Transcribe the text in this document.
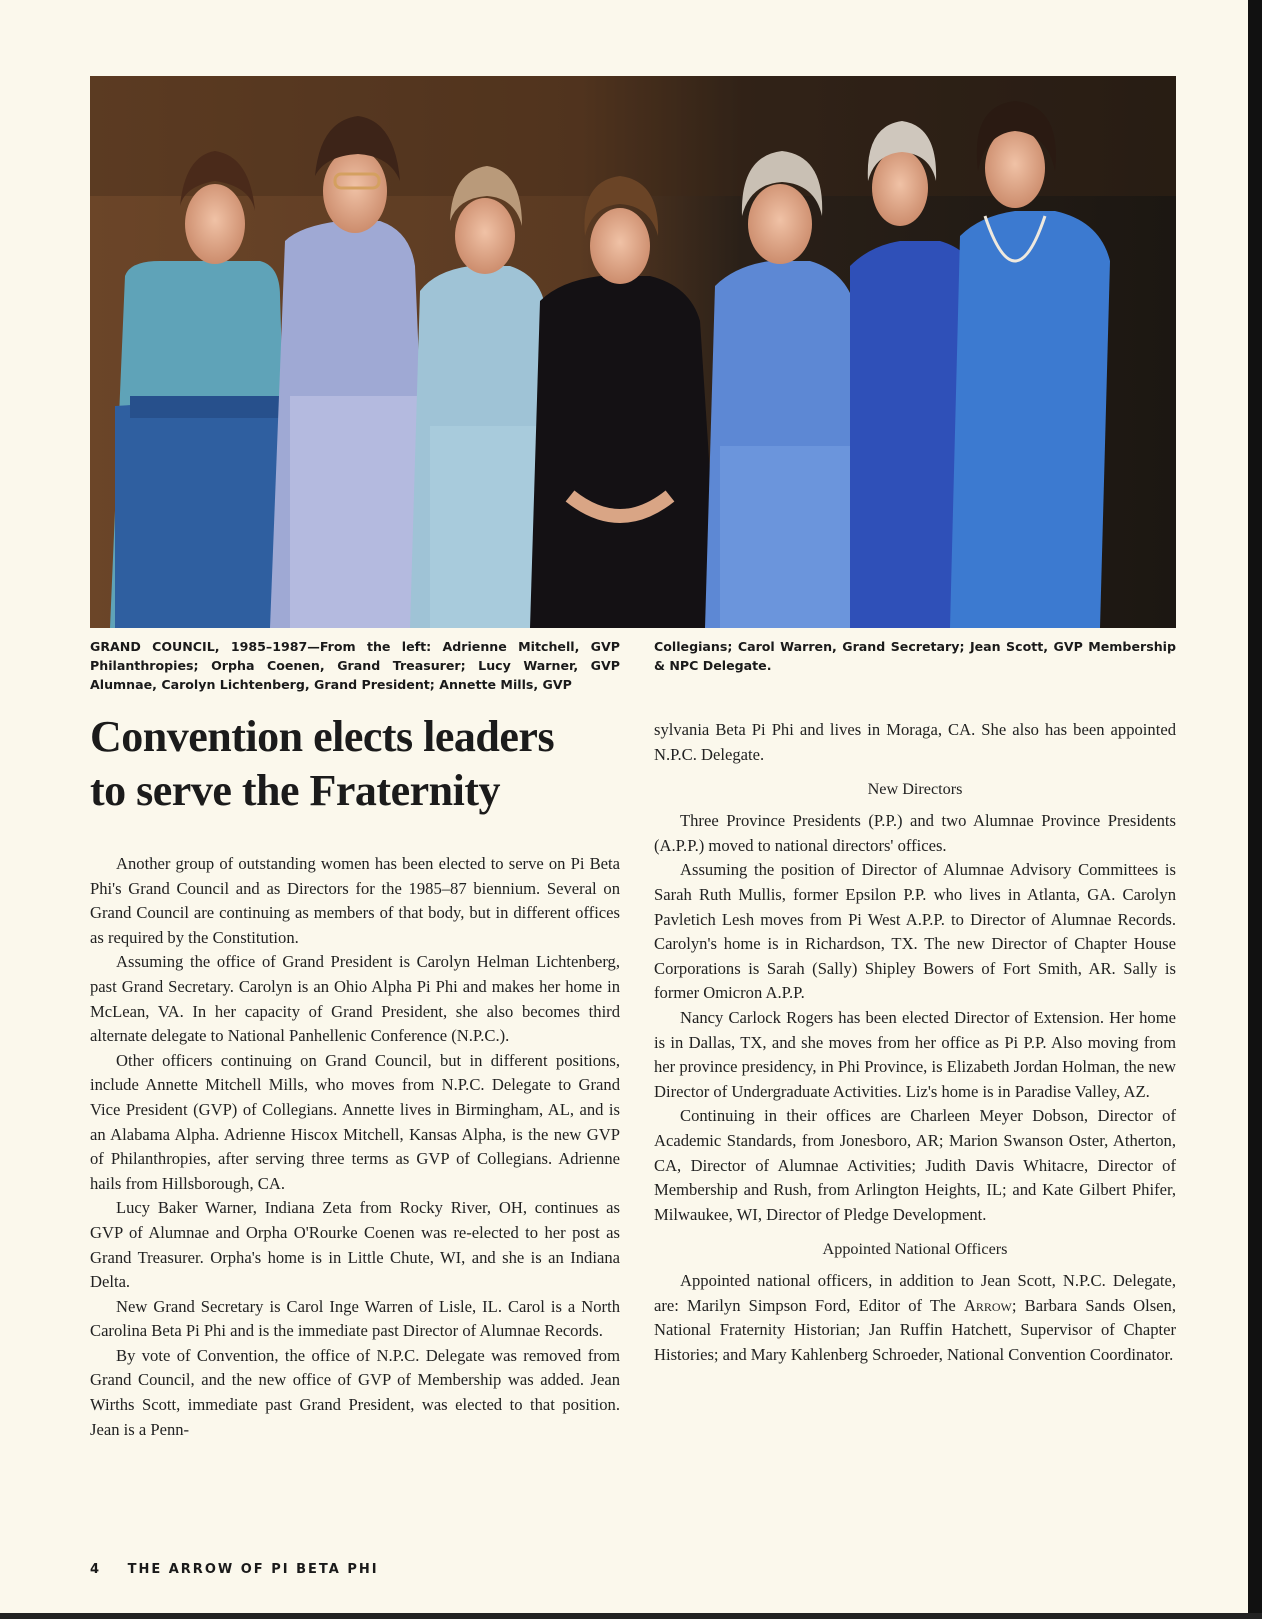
GRAND COUNCIL, 1985–1987—From the left: Adrienne Mitchell, GVP Philanthropies; Orpha Coenen, Grand Treasurer; Lucy Warner, GVP Alumnae, Carolyn Lichtenberg, Grand President; Annette Mills, GVP
Collegians; Carol Warren, Grand Secretary; Jean Scott, GVP Membership & NPC Delegate.
Convention elects leaders
to serve the Fraternity

Another group of outstanding women has been elected to serve on Pi Beta Phi's Grand Council and as Directors for the 1985–87 biennium. Several on Grand Council are continuing as members of that body, but in different offices as required by the Constitution.

Assuming the office of Grand President is Carolyn Helman Lichtenberg, past Grand Secretary. Carolyn is an Ohio Alpha Pi Phi and makes her home in McLean, VA. In her capacity of Grand President, she also becomes third alternate delegate to National Panhellenic Conference (N.P.C.).

Other officers continuing on Grand Council, but in different positions, include Annette Mitchell Mills, who moves from N.P.C. Delegate to Grand Vice President (GVP) of Collegians. Annette lives in Birmingham, AL, and is an Alabama Alpha. Adrienne Hiscox Mitchell, Kansas Alpha, is the new GVP of Philanthropies, after serving three terms as GVP of Collegians. Adrienne hails from Hillsborough, CA.

Lucy Baker Warner, Indiana Zeta from Rocky River, OH, continues as GVP of Alumnae and Orpha O'Rourke Coenen was re-elected to her post as Grand Treasurer. Orpha's home is in Little Chute, WI, and she is an Indiana Delta.

New Grand Secretary is Carol Inge Warren of Lisle, IL. Carol is a North Carolina Beta Pi Phi and is the immediate past Director of Alumnae Records.

By vote of Convention, the office of N.P.C. Delegate was removed from Grand Council, and the new office of GVP of Membership was added. Jean Wirths Scott, immediate past Grand President, was elected to that position. Jean is a Penn-

sylvania Beta Pi Phi and lives in Moraga, CA. She also has been appointed N.P.C. Delegate.

New Directors

Three Province Presidents (P.P.) and two Alumnae Province Presidents (A.P.P.) moved to national directors' offices.

Assuming the position of Director of Alumnae Advisory Committees is Sarah Ruth Mullis, former Epsilon P.P. who lives in Atlanta, GA. Carolyn Pavletich Lesh moves from Pi West A.P.P. to Director of Alumnae Records. Carolyn's home is in Richardson, TX. The new Director of Chapter House Corporations is Sarah (Sally) Shipley Bowers of Fort Smith, AR. Sally is former Omicron A.P.P.

Nancy Carlock Rogers has been elected Director of Extension. Her home is in Dallas, TX, and she moves from her office as Pi P.P. Also moving from her province presidency, in Phi Province, is Elizabeth Jordan Holman, the new Director of Undergraduate Activities. Liz's home is in Paradise Valley, AZ.

Continuing in their offices are Charleen Meyer Dobson, Director of Academic Standards, from Jonesboro, AR; Marion Swanson Oster, Atherton, CA, Director of Alumnae Activities; Judith Davis Whitacre, Director of Membership and Rush, from Arlington Heights, IL; and Kate Gilbert Phifer, Milwaukee, WI, Director of Pledge Development.

Appointed National Officers

Appointed national officers, in addition to Jean Scott, N.P.C. Delegate, are: Marilyn Simpson Ford, Editor of The Arrow; Barbara Sands Olsen, National Fraternity Historian; Jan Ruffin Hatchett, Supervisor of Chapter Histories; and Mary Kahlenberg Schroeder, National Convention Coordinator.

4 THE ARROW OF PI BETA PHI
